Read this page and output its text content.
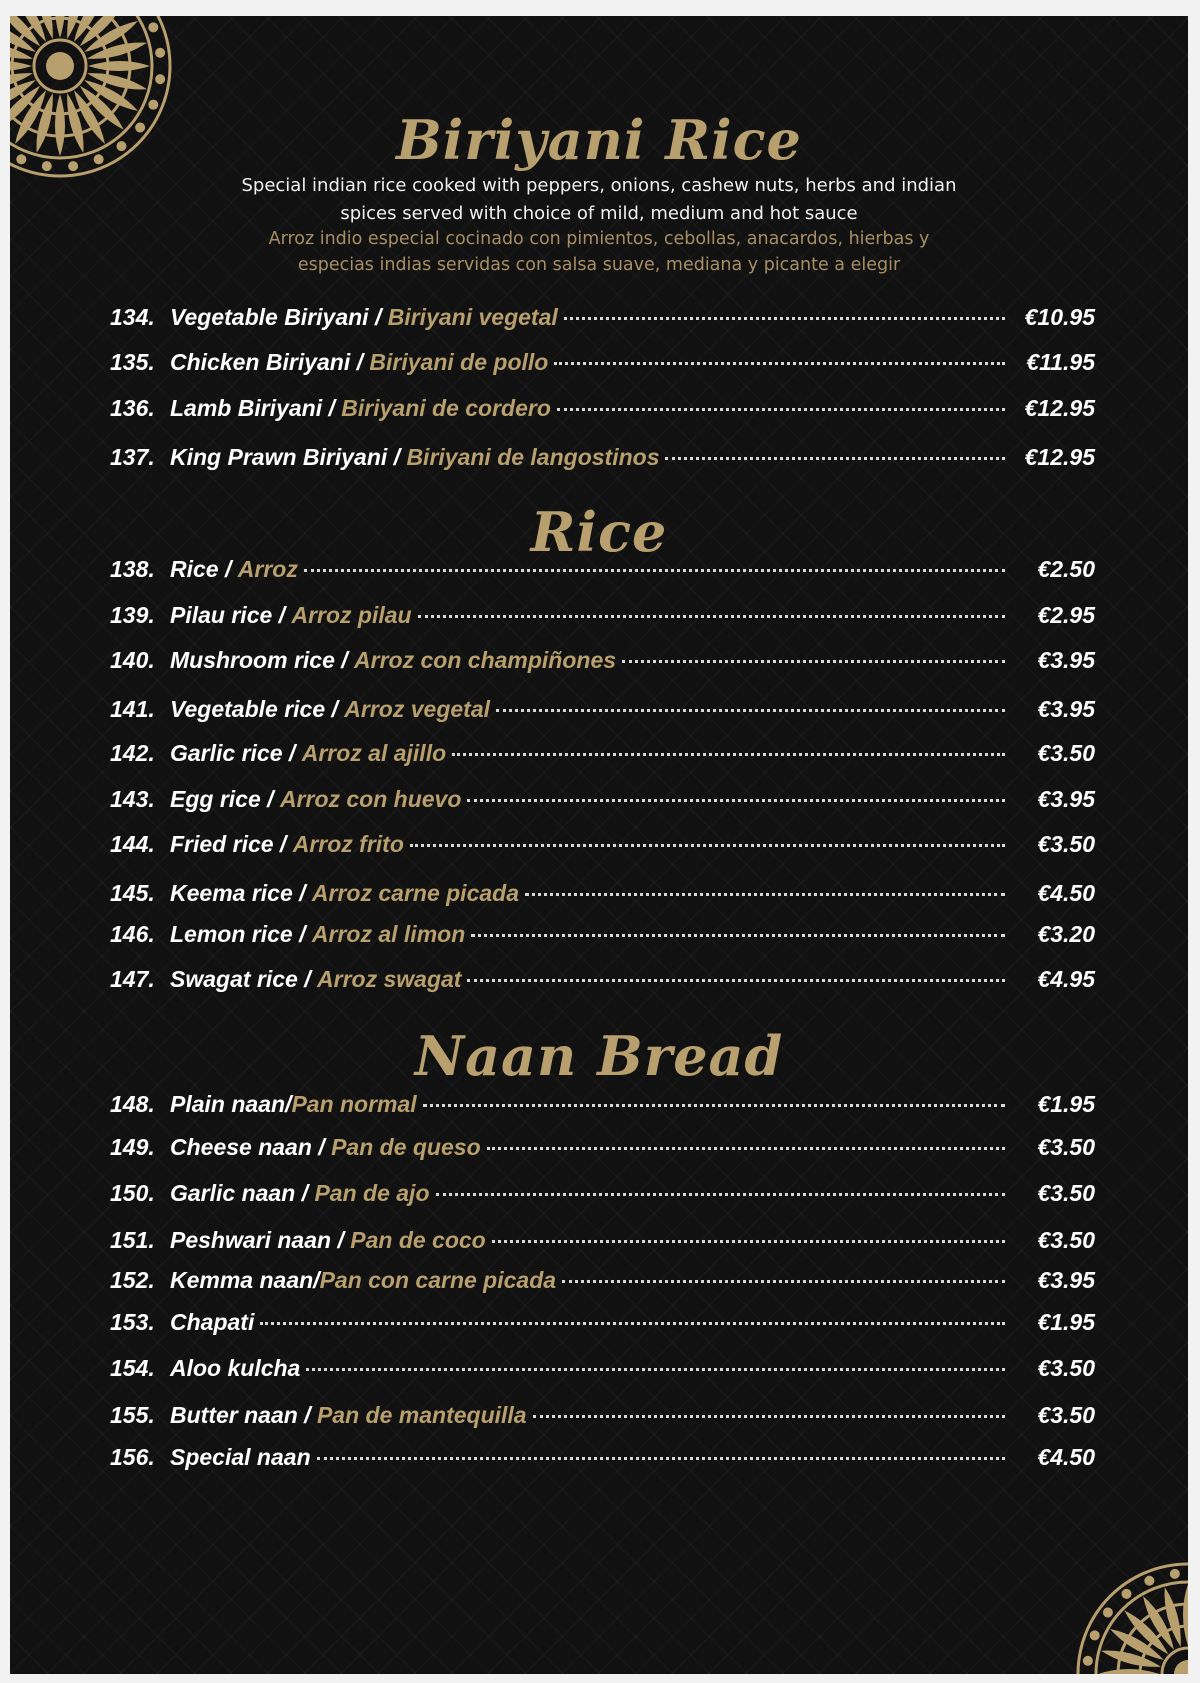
Biriyani Rice

Special indian rice cooked with peppers, onions, cashew nuts, herbs and indian
spices served with choice of mild, medium and hot sauce

Arroz indio especial cocinado con pimientos, cebollas, anacardos, hierbas y
especias indias servidas con salsa suave, mediana y picante a elegir

134. Vegetable Biriyani / Biriyani vegetal	€10.95
135. Chicken Biriyani / Biriyani de pollo	€11.95
136. Lamb Biriyani / Biriyani de cordero	€12.95
137. King Prawn Biriyani / Biriyani de langostinos	€12.95
Rice
138. Rice / Arroz	€2.50
139. Pilau rice / Arroz pilau	€2.95
140. Mushroom rice / Arroz con champiñones	€3.95
141. Vegetable rice / Arroz vegetal	€3.95
142. Garlic rice / Arroz al ajillo	€3.50
143. Egg rice / Arroz con huevo	€3.95
144. Fried rice / Arroz frito	€3.50
145. Keema rice / Arroz carne picada	€4.50
146. Lemon rice / Arroz al limon	€3.20
147. Swagat rice / Arroz swagat	€4.95
Naan Bread
148. Plain naan / Pan normal	€1.95
149. Cheese naan / Pan de queso	€3.50
150. Garlic naan / Pan de ajo	€3.50
151. Peshwari naan / Pan de coco	€3.50
152. Kemma naan / Pan con carne picada	€3.95
153. Chapati	€1.95
154. Aloo kulcha	€3.50
155. Butter naan / Pan de mantequilla	€3.50
156. Special naan	€4.50
